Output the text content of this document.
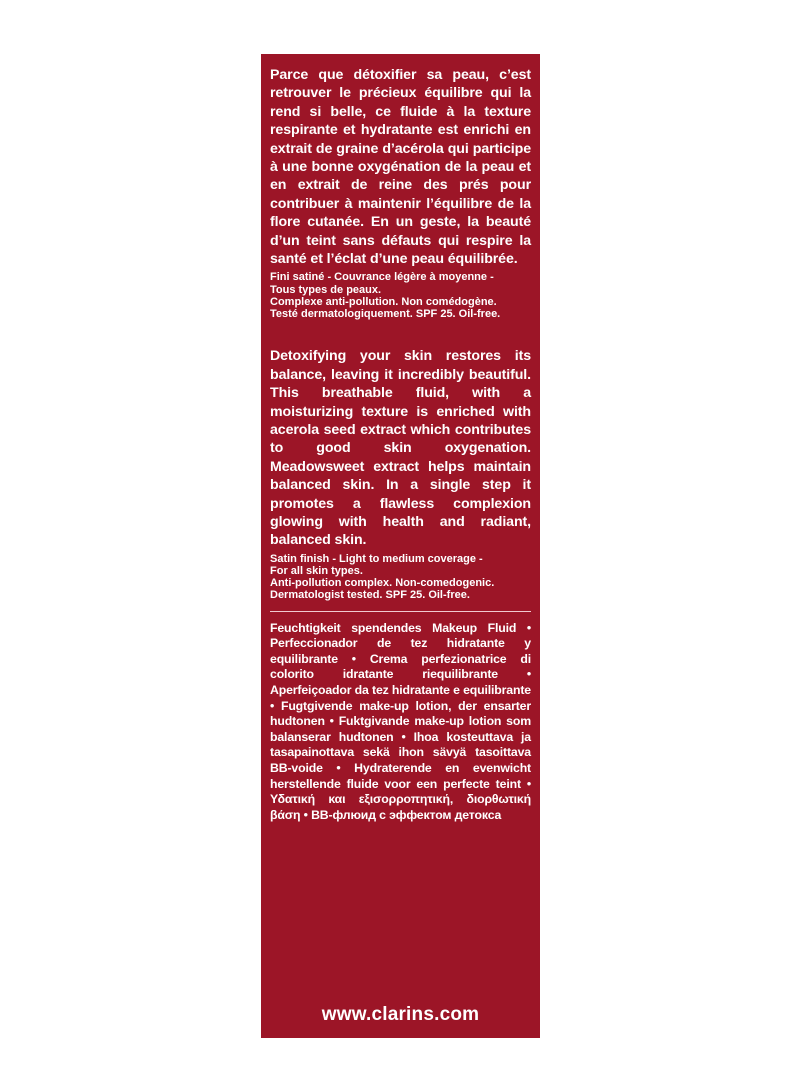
Parce que détoxifier sa peau, c’est retrouver le précieux équilibre qui la rend si belle, ce fluide à la texture respirante et hydratante est enrichi en extrait de graine d’acérola qui participe à une bonne oxygénation de la peau et en extrait de reine des prés pour contribuer à maintenir l’équilibre de la flore cutanée. En un geste, la beauté d’un teint sans défauts qui respire la santé et l’éclat d’une peau équilibrée.

Fini satiné - Couvrance légère à moyenne -
Tous types de peaux.
Complexe anti-pollution. Non comédogène.
Testé dermatologiquement. SPF 25. Oil-free.

Detoxifying your skin restores its balance, leaving it incredibly beautiful. This breathable fluid, with a moisturizing texture is enriched with acerola seed extract which contributes to good skin oxygenation. Meadowsweet extract helps maintain balanced skin. In a single step it promotes a flawless complexion glowing with health and radiant, balanced skin.

Satin finish - Light to medium coverage -
For all skin types.
Anti-pollution complex. Non-comedogenic.
Dermatologist tested. SPF 25. Oil-free.

Feuchtigkeit spendendes Makeup Fluid • Perfeccionador de tez hidratante y equilibrante • Crema perfezionatrice di colorito idratante riequilibrante • Aperfeiçoador da tez hidratante e equilibrante • Fugtgivende make-up lotion, der ensarter hudtonen • Fuktgivande make-up lotion som balanserar hudtonen • Ihoa kosteuttava ja tasapainottava sekä ihon sävyä tasoittava BB-voide • Hydraterende en evenwicht herstellende fluide voor een perfecte teint • Υδατική και εξισορροπητική, διορθωτική βάση • BB-флюид с эффектом детокса

www.clarins.com
